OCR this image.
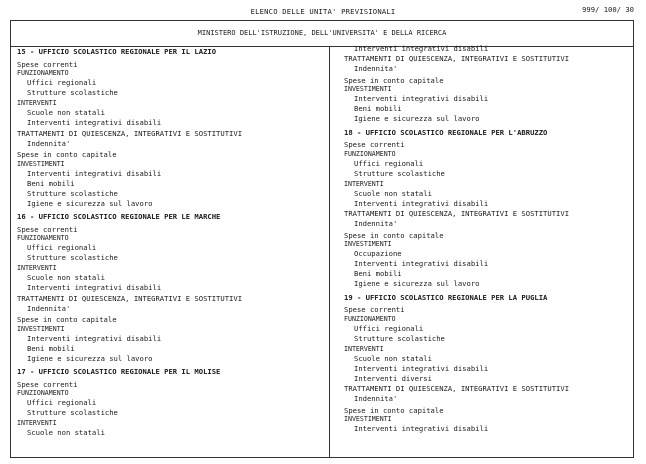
ELENCO DELLE UNITA' PREVISIONALI	999/ 100/ 30
MINISTERO DELL'ISTRUZIONE, DELL'UNIVERSITA' E DELLA RICERCA
15 - UFFICIO SCOLASTICO REGIONALE PER IL LAZIO
Spese correnti
FUNZIONAMENTO
Uffici regionali
Strutture scolastiche
INTERVENTI
Scuole non statali
Interventi integrativi disabili
TRATTAMENTI DI QUIESCENZA, INTEGRATIVI E SOSTITUTIVI
Indennita'
Spese in conto capitale
INVESTIMENTI
Interventi integrativi disabili
Beni mobili
Strutture scolastiche
Igiene e sicurezza sul lavoro
16 - UFFICIO SCOLASTICO REGIONALE PER LE MARCHE
Spese correnti
FUNZIONAMENTO
Uffici regionali
Strutture scolastiche
INTERVENTI
Scuole non statali
Interventi integrativi disabili
TRATTAMENTI DI QUIESCENZA, INTEGRATIVI E SOSTITUTIVI
Indennita'
Spese in conto capitale
INVESTIMENTI
Interventi integrativi disabili
Beni mobili
Igiene e sicurezza sul lavoro
17 - UFFICIO SCOLASTICO REGIONALE PER IL MOLISE
Spese correnti
FUNZIONAMENTO
Uffici regionali
Strutture scolastiche
INTERVENTI
Scuole non statali
Interventi integrativi disabili
TRATTAMENTI DI QUIESCENZA, INTEGRATIVI E SOSTITUTIVI
Indennita'
Spese in conto capitale
INVESTIMENTI
Interventi integrativi disabili
Beni mobili
Igiene e sicurezza sul lavoro
18 - UFFICIO SCOLASTICO REGIONALE PER L'ABRUZZO
Spese correnti
FUNZIONAMENTO
Uffici regionali
Strutture scolastiche
INTERVENTI
Scuole non statali
Interventi integrativi disabili
TRATTAMENTI DI QUIESCENZA, INTEGRATIVI E SOSTITUTIVI
Indennita'
Spese in conto capitale
INVESTIMENTI
Occupazione
Interventi integrativi disabili
Beni mobili
Igiene e sicurezza sul lavoro
19 - UFFICIO SCOLASTICO REGIONALE PER LA PUGLIA
Spese correnti
FUNZIONAMENTO
Uffici regionali
Strutture scolastiche
INTERVENTI
Scuole non statali
Interventi integrativi disabili
Interventi diversi
TRATTAMENTI DI QUIESCENZA, INTEGRATIVI E SOSTITUTIVI
Indennita'
Spese in conto capitale
INVESTIMENTI
Interventi integrativi disabili
